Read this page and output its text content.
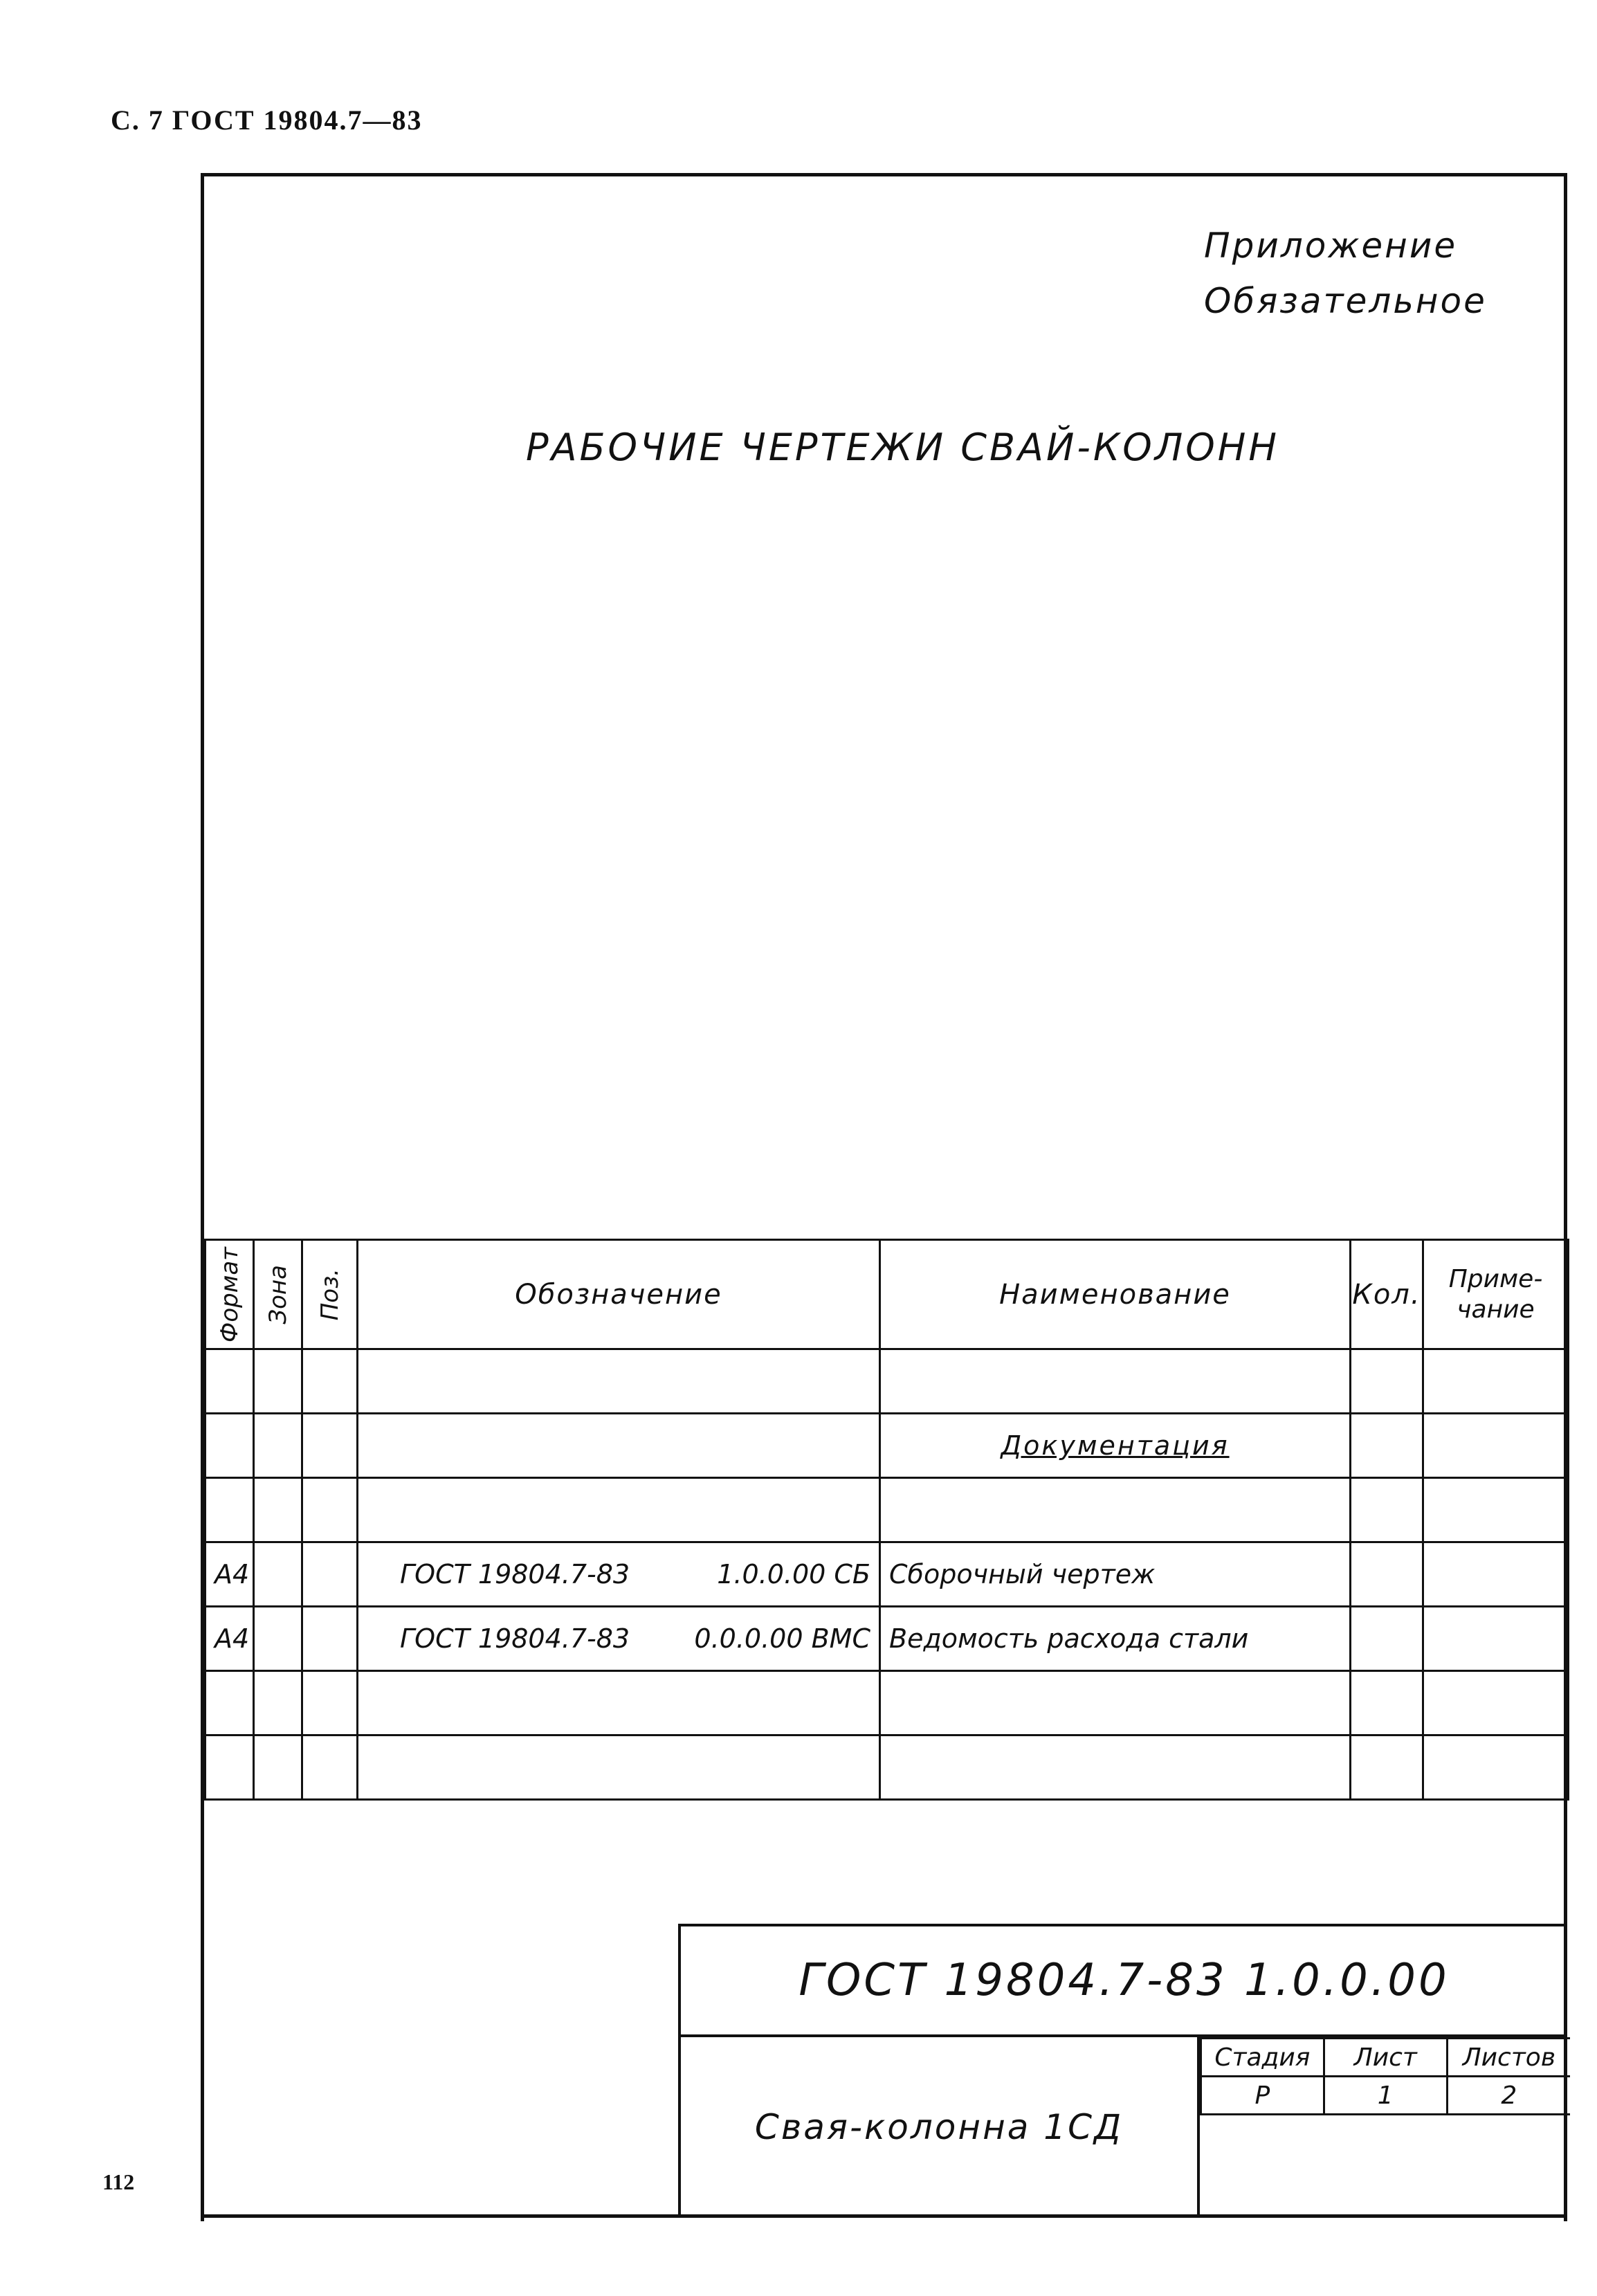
С. 7 ГОСТ 19804.7—83
Приложение
Обязательное
РАБОЧИЕ ЧЕРТЕЖИ СВАЙ-КОЛОНН
Формат	Зона	Поз.	Обозначение	Наименование	Кол.	Приме-
чание

				Документация		

А4			ГОСТ 19804.7-83 1.0.0.00 СБ	Сборочный чертеж		
А4			ГОСТ 19804.7-83 0.0.0.00 ВМС	Ведомость расхода стали		

ГОСТ 19804.7-83 1.0.0.00
Свая-колонна 1СД
Стадия	Лист	Листов
Р	1	2
112
